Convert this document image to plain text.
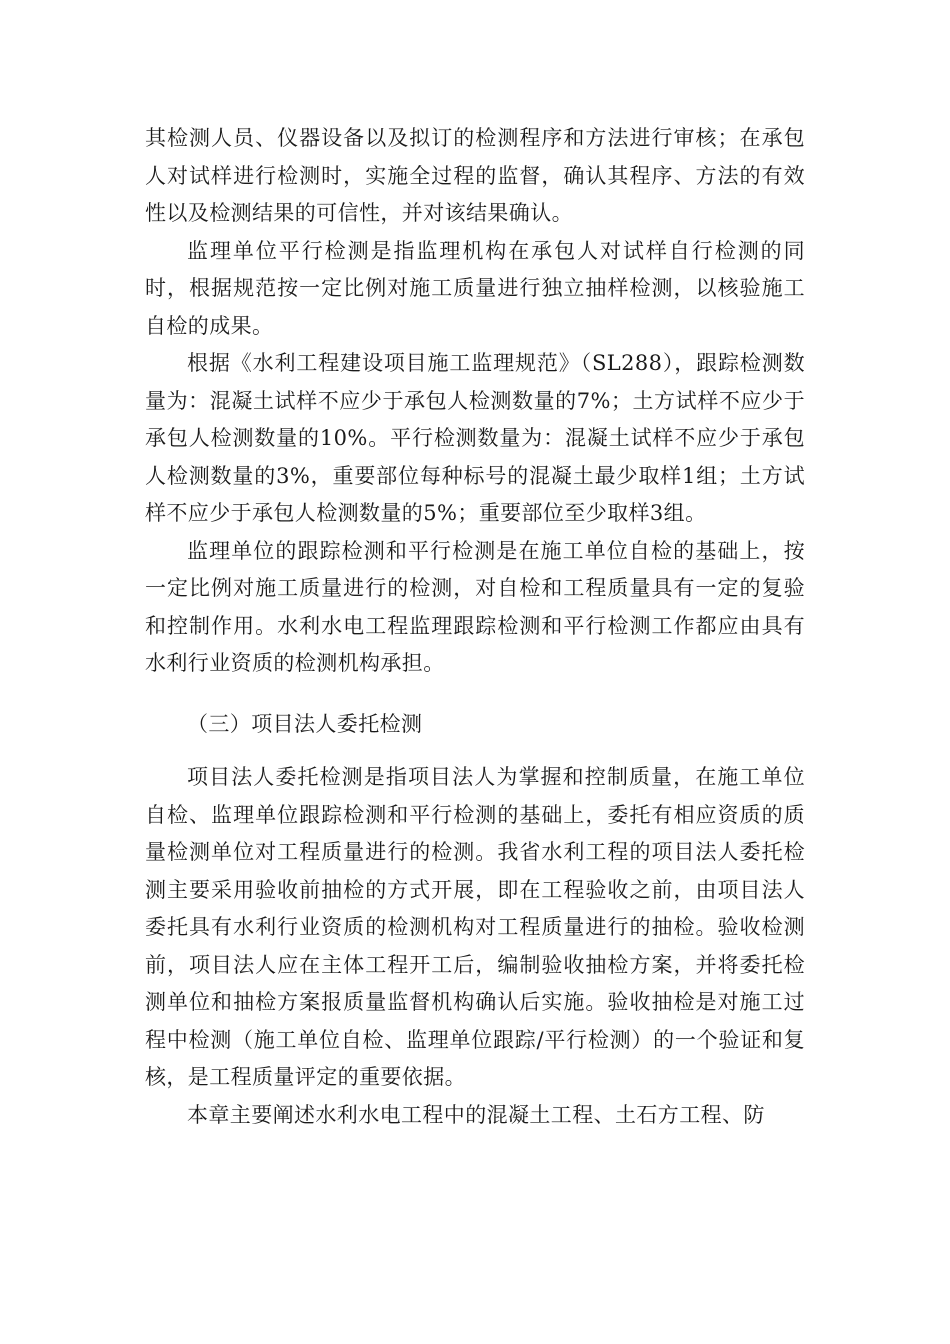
其检测人员、仪器设备以及拟订的检测程序和方法进行审核；在承包人对试样进行检测时，实施全过程的监督，确认其程序、方法的有效性以及检测结果的可信性，并对该结果确认。

监理单位平行检测是指监理机构在承包人对试样自行检测的同时，根据规范按一定比例对施工质量进行独立抽样检测，以核验施工自检的成果。

根据《水利工程建设项目施工监理规范》（SL288），跟踪检测数量为：混凝土试样不应少于承包人检测数量的7%；土方试样不应少于承包人检测数量的10%。平行检测数量为：混凝土试样不应少于承包人检测数量的3%，重要部位每种标号的混凝土最少取样1组；土方试样不应少于承包人检测数量的5%；重要部位至少取样3组。

监理单位的跟踪检测和平行检测是在施工单位自检的基础上，按一定比例对施工质量进行的检测，对自检和工程质量具有一定的复验和控制作用。水利水电工程监理跟踪检测和平行检测工作都应由具有水利行业资质的检测机构承担。

（三）项目法人委托检测

项目法人委托检测是指项目法人为掌握和控制质量，在施工单位自检、监理单位跟踪检测和平行检测的基础上，委托有相应资质的质量检测单位对工程质量进行的检测。我省水利工程的项目法人委托检测主要采用验收前抽检的方式开展，即在工程验收之前，由项目法人委托具有水利行业资质的检测机构对工程质量进行的抽检。验收检测前，项目法人应在主体工程开工后，编制验收抽检方案，并将委托检测单位和抽检方案报质量监督机构确认后实施。验收抽检是对施工过程中检测（施工单位自检、监理单位跟踪/平行检测）的一个验证和复核，是工程质量评定的重要依据。

本章主要阐述水利水电工程中的混凝土工程、土石方工程、防
